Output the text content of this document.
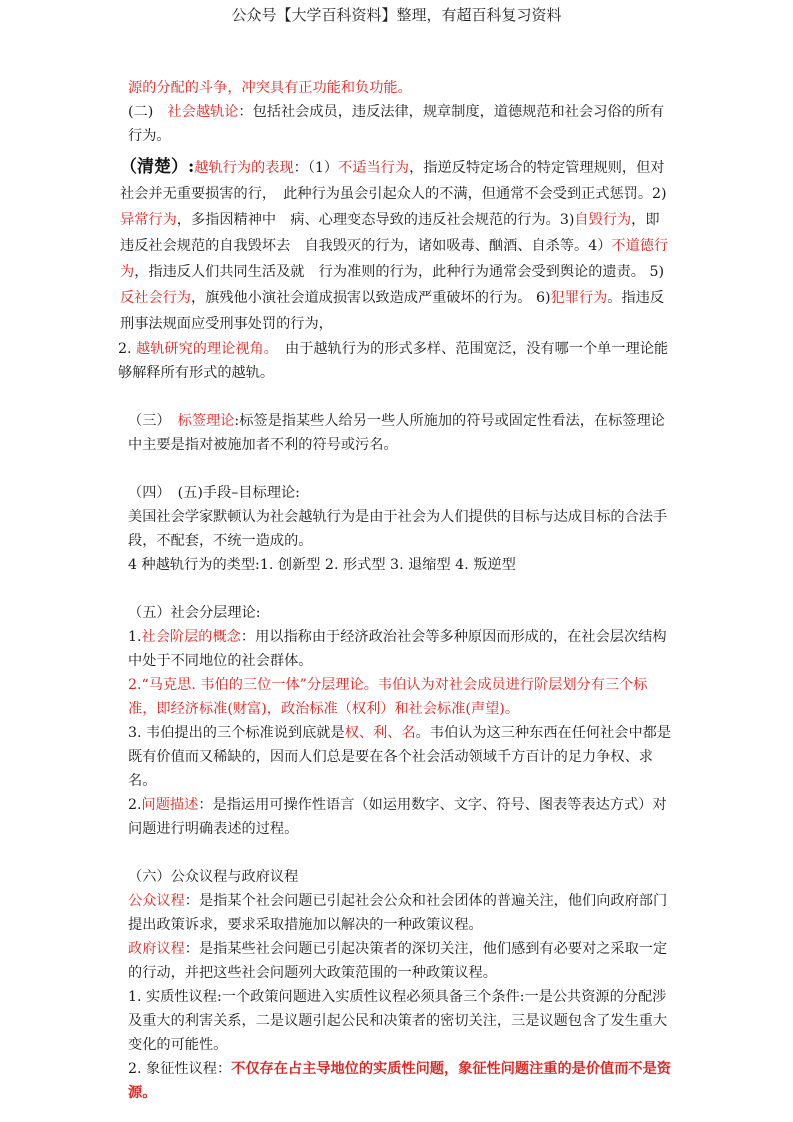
公众号【大学百科资料】整理，有超百科复习资料

源的分配的斗争，冲突具有正功能和负功能。

(二)　社会越轨论：包括社会成员，违反法律，规章制度，道德规范和社会习俗的所有行为。

（清楚）:越轨行为的表现：（1）不适当行为，指逆反特定场合的特定管理规则，但对社会并无重要损害的行，　此种行为虽会引起众人的不满，但通常不会受到正式惩罚。2)异常行为，多指因精神中　病、心理变态导致的违反社会规范的行为。3)自毁行为，即违反社会规范的自我毁坏去　自我毁灭的行为，诸如吸毒、酗酒、自杀等。4）不道德行为，指违反人们共同生活及就　行为准则的行为，此种行为通常会受到舆论的遗责。 5)反社会行为，旗残他小演社会道成损害以致造成严重破坏的行为。 6)犯罪行为。指违反刑事法规面应受刑事处罚的行为，

2. 越轨研究的理论视角。　由于越轨行为的形式多样、范围宽泛，没有哪一个单一理论能够解释所有形式的越轨。

（三）　标签理论:标签是指某些人给另一些人所施加的符号或固定性看法，在标签理论中主要是指对被施加者不利的符号或污名。

（四）　(五)手段–目标理论:

美国社会学家默顿认为社会越轨行为是由于社会为人们提供的目标与达成目标的合法手段，不配套，不统一造成的。

4 种越轨行为的类型:1. 创新型 2. 形式型 3. 退缩型 4. 叛逆型

（五）社会分层理论:

1.社会阶层的概念：用以指称由于经济政治社会等多种原因而形成的，在社会层次结构中处于不同地位的社会群体。

2.“马克思. 韦伯的三位一体”分层理论。韦伯认为对社会成员进行阶层划分有三个标准，即经济标准(财富)，政治标准（权利）和社会标准(声望)。

3. 韦伯提出的三个标准说到底就是权、利、名。韦伯认为这三种东西在任何社会中都是既有价值而又稀缺的，因而人们总是要在各个社会活动领域千方百计的足力争权、求名。

2.问题描述：是指运用可操作性语言（如运用数字、文字、符号、图表等表达方式）对问题进行明确表述的过程。

（六）公众议程与政府议程

公众议程：是指某个社会问题已引起社会公众和社会团体的普遍关注，他们向政府部门提出政策诉求，要求采取措施加以解决的一种政策议程。

政府议程：是指某些社会问题已引起决策者的深切关注，他们感到有必要对之采取一定的行动，并把这些社会问题列大政策范围的一种政策议程。

1. 实质性议程:一个政策问题进入实质性议程必须具备三个条件:一是公共资源的分配涉及重大的利害关系，二是议题引起公民和决策者的密切关注，三是议题包含了发生重大变化的可能性。

2. 象征性议程：不仅存在占主导地位的实质性问题，象征性问题注重的是价值而不是资源。
